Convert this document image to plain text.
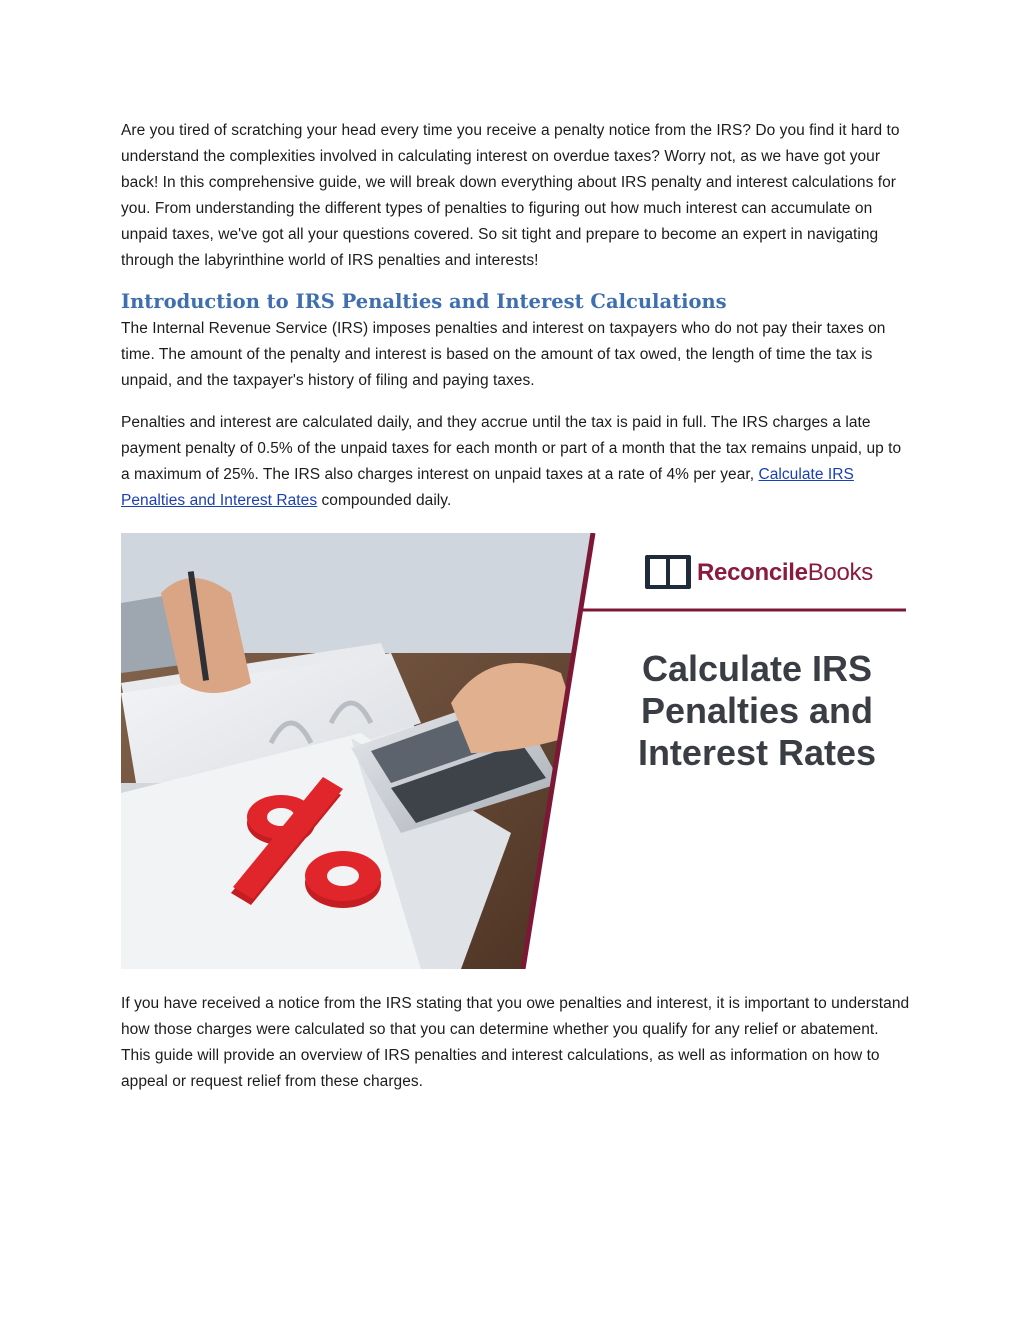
Are you tired of scratching your head every time you receive a penalty notice from the IRS? Do you find it hard to understand the complexities involved in calculating interest on overdue taxes? Worry not, as we have got your back! In this comprehensive guide, we will break down everything about IRS penalty and interest calculations for you. From understanding the different types of penalties to figuring out how much interest can accumulate on unpaid taxes, we've got all your questions covered. So sit tight and prepare to become an expert in navigating through the labyrinthine world of IRS penalties and interests!

Introduction to IRS Penalties and Interest Calculations

The Internal Revenue Service (IRS) imposes penalties and interest on taxpayers who do not pay their taxes on time. The amount of the penalty and interest is based on the amount of tax owed, the length of time the tax is unpaid, and the taxpayer's history of filing and paying taxes.

Penalties and interest are calculated daily, and they accrue until the tax is paid in full. The IRS charges a late payment penalty of 0.5% of the unpaid taxes for each month or part of a month that the tax remains unpaid, up to a maximum of 25%. The IRS also charges interest on unpaid taxes at a rate of 4% per year, Calculate IRS Penalties and Interest Rates compounded daily.

ReconcileBooks
Calculate IRS
Penalties and
Interest Rates

If you have received a notice from the IRS stating that you owe penalties and interest, it is important to understand how those charges were calculated so that you can determine whether you qualify for any relief or abatement. This guide will provide an overview of IRS penalties and interest calculations, as well as information on how to appeal or request relief from these charges.
